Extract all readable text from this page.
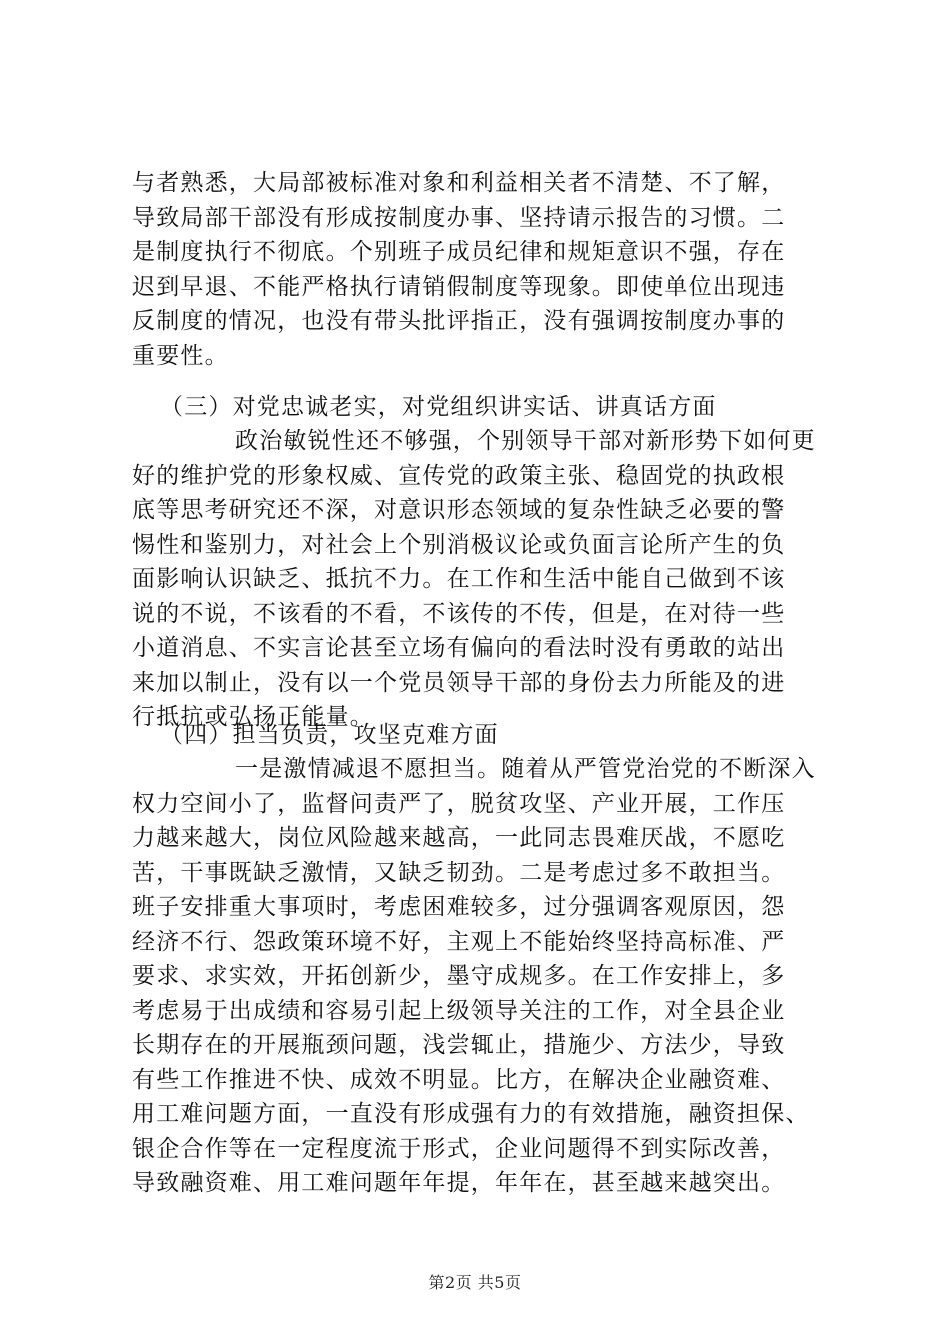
与者熟悉，大局部被标准对象和利益相关者不清楚、不了解，
导致局部干部没有形成按制度办事、坚持请示报告的习惯。二
是制度执行不彻底。个别班子成员纪律和规矩意识不强，存在
迟到早退、不能严格执行请销假制度等现象。即使单位出现违
反制度的情况，也没有带头批评指正，没有强调按制度办事的
重要性。
（三）对党忠诚老实，对党组织讲实话、讲真话方面
政治敏锐性还不够强，个别领导干部对新形势下如何更
好的维护党的形象权威、宣传党的政策主张、稳固党的执政根
底等思考研究还不深，对意识形态领域的复杂性缺乏必要的警
惕性和鉴别力，对社会上个别消极议论或负面言论所产生的负
面影响认识缺乏、抵抗不力。在工作和生活中能自己做到不该
说的不说，不该看的不看，不该传的不传，但是，在对待一些
小道消息、不实言论甚至立场有偏向的看法时没有勇敢的站出
来加以制止，没有以一个党员领导干部的身份去力所能及的进
行抵抗或弘扬正能量。
（四）担当负责，攻坚克难方面
一是激情减退不愿担当。随着从严管党治党的不断深入
权力空间小了，监督问责严了，脱贫攻坚、产业开展，工作压
力越来越大，岗位风险越来越高，一此同志畏难厌战，不愿吃
苦，干事既缺乏激情，又缺乏韧劲。二是考虑过多不敢担当。
班子安排重大事项时，考虑困难较多，过分强调客观原因，怨
经济不行、怨政策环境不好，主观上不能始终坚持高标准、严
要求、求实效，开拓创新少，墨守成规多。在工作安排上，多
考虑易于出成绩和容易引起上级领导关注的工作，对全县企业
长期存在的开展瓶颈问题，浅尝辄止，措施少、方法少，导致
有些工作推进不快、成效不明显。比方，在解决企业融资难、
用工难问题方面，一直没有形成强有力的有效措施，融资担保、
银企合作等在一定程度流于形式，企业问题得不到实际改善，
导致融资难、用工难问题年年提，年年在，甚至越来越突出。
第2页 共5页
